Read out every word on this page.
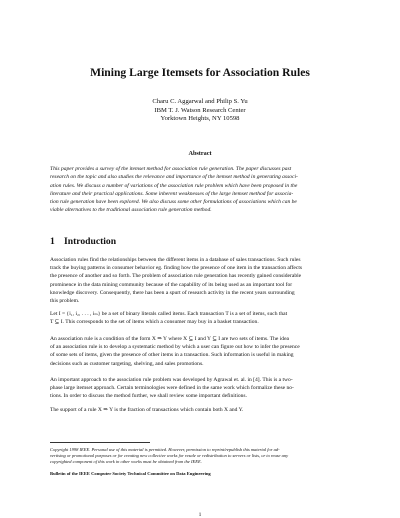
Mining Large Itemsets for Association Rules
Charu C. Aggarwal and Philip S. Yu
IBM T. J. Watson Research Center
Yorktown Heights, NY 10598
Abstract
This paper provides a survey of the itemset method for association rule generation. The paper discusses past
research on the topic and also studies the relevance and importance of the itemset method in generating associ-
ation rules. We discuss a number of variations of the association rule problem which have been proposed in the
literature and their practical applications. Some inherent weaknesses of the large itemset method for associa-
tion rule generation have been explored. We also discuss some other formulations of associations which can be
viable alternatives to the traditional association rule generation method.
1 Introduction
Association rules find the relationships between the different items in a database of sales transactions. Such rules
track the buying patterns in consumer behavior eg. finding how the presence of one item in the transaction affects
the presence of another and so forth. The problem of association rule generation has recently gained considerable
prominence in the data mining community because of the capability of its being used as an important tool for
knowledge discovery. Consequently, there has been a spurt of research activity in the recent years surrounding
this problem.
Let I = {i₁, i₂, . . . , iₘ} be a set of binary literals called items. Each transaction T is a set of items, such that
T ⊆ I. This corresponds to the set of items which a consumer may buy in a basket transaction.
An association rule is a condition of the form X ⇒ Y where X ⊆ I and Y ⊆ I are two sets of items. The idea
of an association rule is to develop a systematic method by which a user can figure out how to infer the presence
of some sets of items, given the presence of other items in a transaction. Such information is useful in making
decisions such as customer targeting, shelving, and sales promotions.
An important approach to the association rule problem was developed by Agrawal et. al. in [4]. This is a two-
phase large itemset approach. Certain terminologies were defined in the same work which formalize these no-
tions. In order to discuss the method further, we shall review some important definitions.
The support of a rule X ⇒ Y is the fraction of transactions which contain both X and Y.
Copyright 1998 IEEE. Personal use of this material is permitted. However, permission to reprint/republish this material for ad-
vertising or promotional purposes or for creating new collective works for resale or redistribution to servers or lists, or to reuse any
copyrighted component of this work in other works must be obtained from the IEEE.
Bulletin of the IEEE Computer Society Technical Committee on Data Engineering
1
